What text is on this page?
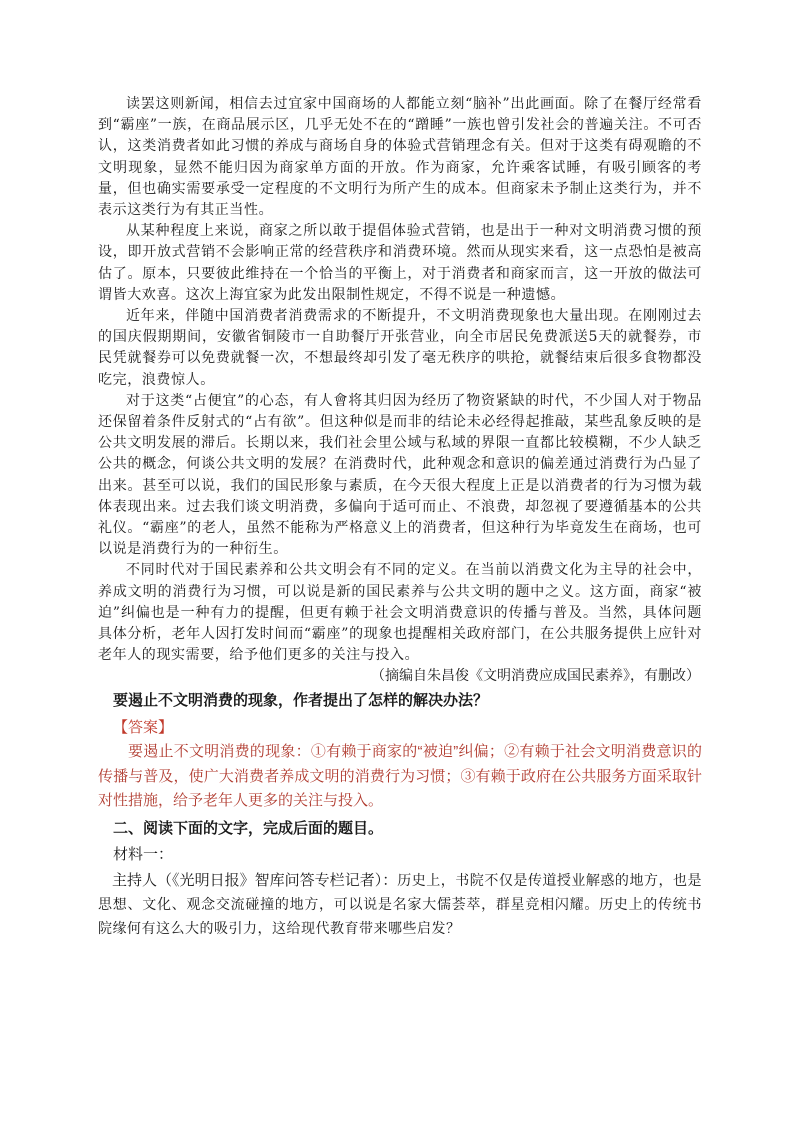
读罢这则新闻，相信去过宜家中国商场的人都能立刻“脑补”出此画面。除了在餐厅经常看到“霸座”一族，在商品展示区，几乎无处不在的“蹭睡”一族也曾引发社会的普遍关注。不可否认，这类消费者如此习惯的养成与商场自身的体验式营销理念有关。但对于这类有碍观瞻的不文明现象，显然不能归因为商家单方面的开放。作为商家，允许乘客试睡，有吸引顾客的考量，但也确实需要承受一定程度的不文明行为所产生的成本。但商家未予制止这类行为，并不表示这类行为有其正当性。

从某种程度上来说，商家之所以敢于提倡体验式营销，也是出于一种对文明消费习惯的预设，即开放式营销不会影响正常的经营秩序和消费环境。然而从现实来看，这一点恐怕是被高估了。原本，只要彼此维持在一个恰当的平衡上，对于消费者和商家而言，这一开放的做法可谓皆大欢喜。这次上海宜家为此发出限制性规定，不得不说是一种遗憾。

近年来，伴随中国消费者消费需求的不断提升，不文明消费现象也大量出现。在刚刚过去的国庆假期期间，安徽省铜陵市一自助餐厅开张营业，向全市居民免费派送5天的就餐券，市民凭就餐券可以免费就餐一次，不想最终却引发了毫无秩序的哄抢，就餐结束后很多食物都没吃完，浪费惊人。

对于这类“占便宜”的心态，有人會将其归因为经历了物资紧缺的时代，不少国人对于物品还保留着条件反射式的“占有欲”。但这种似是而非的结论未必经得起推敲，某些乱象反映的是公共文明发展的滞后。长期以来，我们社会里公域与私域的界限一直都比较模糊，不少人缺乏公共的概念，何谈公共文明的发展？在消费时代，此种观念和意识的偏差通过消费行为凸显了出来。甚至可以说，我们的国民形象与素质，在今天很大程度上正是以消费者的行为习惯为载体表现出来。过去我们谈文明消费，多偏向于适可而止、不浪费，却忽视了要遵循基本的公共礼仪。“霸座”的老人，虽然不能称为严格意义上的消费者，但这种行为毕竟发生在商场，也可以说是消费行为的一种衍生。

不同时代对于国民素养和公共文明会有不同的定义。在当前以消费文化为主导的社会中，养成文明的消费行为习惯，可以说是新的国民素养与公共文明的题中之义。这方面，商家“被迫”纠偏也是一种有力的提醒，但更有赖于社会文明消费意识的传播与普及。当然，具体问题具体分析，老年人因打发时间而“霸座”的现象也提醒相关政府部门，在公共服务提供上应针对老年人的现实需要，给予他们更多的关注与投入。

（摘编自朱昌俊《文明消费应成国民素养》，有删改）

要遏止不文明消费的现象，作者提出了怎样的解决办法？

【答案】

要遏止不文明消费的现象：①有赖于商家的“被迫”纠偏；②有赖于社会文明消费意识的传播与普及，使广大消费者养成文明的消费行为习惯；③有赖于政府在公共服务方面采取针对性措施，给予老年人更多的关注与投入。

二、阅读下面的文字，完成后面的题目。

材料一：

主持人（《光明日报》智库问答专栏记者）：历史上，书院不仅是传道授业解惑的地方，也是思想、文化、观念交流碰撞的地方，可以说是名家大儒荟萃，群星竞相闪耀。历史上的传统书院缘何有这么大的吸引力，这给现代教育带来哪些启发？
